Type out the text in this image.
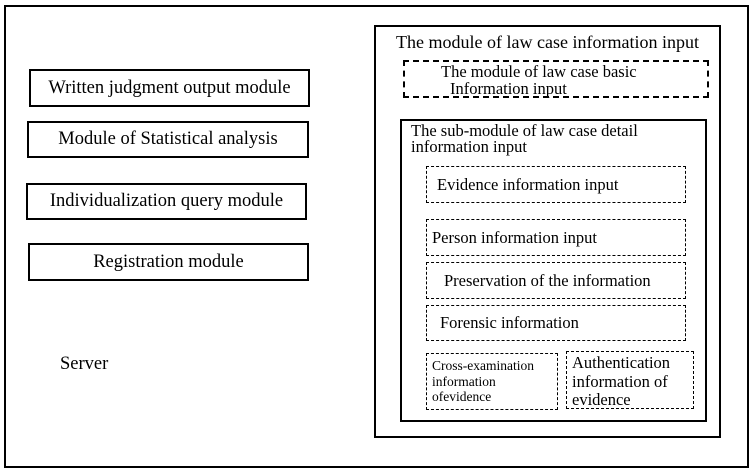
Written judgment output module
Module of Statistical analysis
Individualization query module
Registration module
Server
The module of law case information input
The module of law case basic
Information input
The sub-module of law case detail
information input
Evidence information input
Person information input
Preservation of the information
Forensic information
Cross-examination
information
ofevidence
Authentication
information of
evidence
